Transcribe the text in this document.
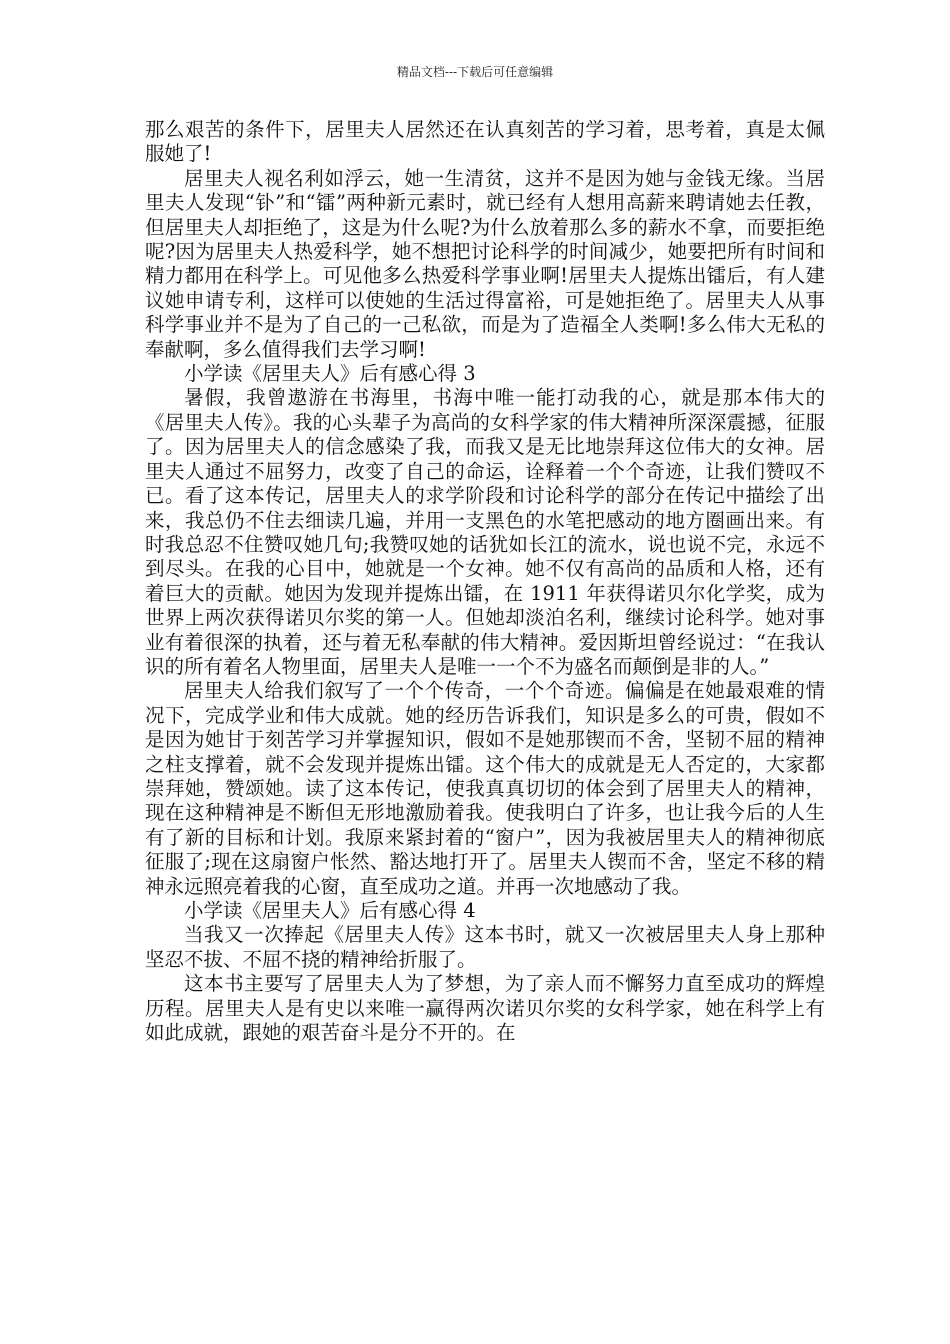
精品文档---下载后可任意编辑

那么艰苦的条件下，居里夫人居然还在认真刻苦的学习着，思考着，真是太佩服她了!

居里夫人视名利如浮云，她一生清贫，这并不是因为她与金钱无缘。当居里夫人发现“钋”和“镭”两种新元素时，就已经有人想用高薪来聘请她去任教，但居里夫人却拒绝了，这是为什么呢?为什么放着那么多的薪水不拿，而要拒绝呢?因为居里夫人热爱科学，她不想把讨论科学的时间减少，她要把所有时间和精力都用在科学上。可见他多么热爱科学事业啊!居里夫人提炼出镭后，有人建议她申请专利，这样可以使她的生活过得富裕，可是她拒绝了。居里夫人从事科学事业并不是为了自己的一己私欲，而是为了造福全人类啊!多么伟大无私的奉献啊，多么值得我们去学习啊!

小学读《居里夫人》后有感心得 3

暑假，我曾遨游在书海里，书海中唯一能打动我的心，就是那本伟大的《居里夫人传》。我的心头辈子为高尚的女科学家的伟大精神所深深震撼，征服了。因为居里夫人的信念感染了我，而我又是无比地崇拜这位伟大的女神。居里夫人通过不屈努力，改变了自己的命运，诠释着一个个奇迹，让我们赞叹不已。看了这本传记，居里夫人的求学阶段和讨论科学的部分在传记中描绘了出来，我总仍不住去细读几遍，并用一支黑色的水笔把感动的地方圈画出来。有时我总忍不住赞叹她几句;我赞叹她的话犹如长江的流水，说也说不完，永远不到尽头。在我的心目中，她就是一个女神。她不仅有高尚的品质和人格，还有着巨大的贡献。她因为发现并提炼出镭，在 1911 年获得诺贝尔化学奖，成为世界上两次获得诺贝尔奖的第一人。但她却淡泊名利，继续讨论科学。她对事业有着很深的执着，还与着无私奉献的伟大精神。爱因斯坦曾经说过：“在我认识的所有着名人物里面，居里夫人是唯一一个不为盛名而颠倒是非的人。”

居里夫人给我们叙写了一个个传奇，一个个奇迹。偏偏是在她最艰难的情况下，完成学业和伟大成就。她的经历告诉我们，知识是多么的可贵，假如不是因为她甘于刻苦学习并掌握知识，假如不是她那锲而不舍，坚韧不屈的精神之柱支撑着，就不会发现并提炼出镭。这个伟大的成就是无人否定的，大家都崇拜她，赞颂她。读了这本传记，使我真真切切的体会到了居里夫人的精神，现在这种精神是不断但无形地激励着我。使我明白了许多，也让我今后的人生有了新的目标和计划。我原来紧封着的“窗户”，因为我被居里夫人的精神彻底征服了;现在这扇窗户怅然、豁达地打开了。居里夫人锲而不舍，坚定不移的精神永远照亮着我的心窗，直至成功之道。并再一次地感动了我。

小学读《居里夫人》后有感心得 4

当我又一次捧起《居里夫人传》这本书时，就又一次被居里夫人身上那种坚忍不拔、不屈不挠的精神给折服了。

这本书主要写了居里夫人为了梦想，为了亲人而不懈努力直至成功的辉煌历程。居里夫人是有史以来唯一赢得两次诺贝尔奖的女科学家，她在科学上有如此成就，跟她的艰苦奋斗是分不开的。在
